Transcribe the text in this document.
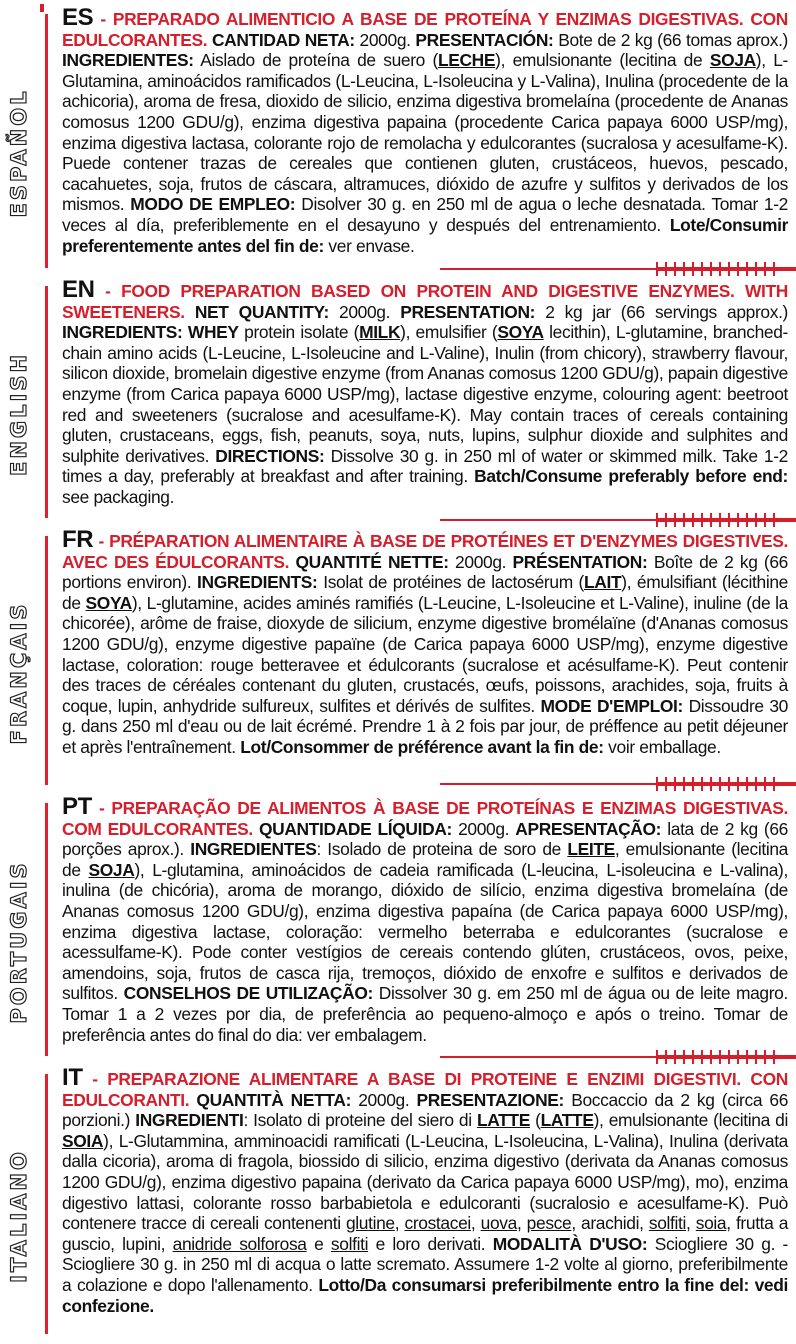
ESPAÑOL
ES - PREPARADO ALIMENTICIO A BASE DE PROTEÍNA Y ENZIMAS DIGESTIVAS. CON EDULCORANTES. CANTIDAD NETA: 2000g. PRESENTACIÓN: Bote de 2 kg (66 tomas aprox.) INGREDIENTES: Aislado de proteína de suero (LECHE), emulsionante (lecitina de SOJA), L-Glutamina, aminoácidos ramificados (L-Leucina, L-Isoleucina y L-Valina), Inulina (procedente de la achicoria), aroma de fresa, dioxido de silicio, enzima digestiva bromelaína (procedente de Ananas comosus 1200 GDU/g), enzima digestiva papaina (procedente Carica papaya 6000 USP/mg), enzima digestiva lactasa, colorante rojo de remolacha y edulcorantes (sucralosa y acesulfame-K). Puede contener trazas de cereales que contienen gluten, crustáceos, huevos, pescado, cacahuetes, soja, frutos de cáscara, altramuces, dióxido de azufre y sulfitos y derivados de los mismos. MODO DE EMPLEO: Disolver 30 g. en 250 ml de agua o leche desnatada. Tomar 1-2 veces al día, preferiblemente en el desayuno y después del entrenamiento. Lote/Consumir preferentemente antes del fin de: ver envase.
ENGLISH
EN - FOOD PREPARATION BASED ON PROTEIN AND DIGESTIVE ENZYMES. WITH SWEETENERS. NET QUANTITY: 2000g. PRESENTATION: 2 kg jar (66 servings approx.) INGREDIENTS: WHEY protein isolate (MILK), emulsifier (SOYA lecithin), L-glutamine, branched-chain amino acids (L-Leucine, L-Isoleucine and L-Valine), Inulin (from chicory), strawberry flavour, silicon dioxide, bromelain digestive enzyme (from Ananas comosus 1200 GDU/g), papain digestive enzyme (from Carica papaya 6000 USP/mg), lactase digestive enzyme, colouring agent: beetroot red and sweeteners (sucralose and acesulfame-K). May contain traces of cereals containing gluten, crustaceans, eggs, fish, peanuts, soya, nuts, lupins, sulphur dioxide and sulphites and sulphite derivatives. DIRECTIONS: Dissolve 30 g. in 250 ml of water or skimmed milk. Take 1-2 times a day, preferably at breakfast and after training. Batch/Consume preferably before end: see packaging.
FRANÇAIS
FR - PRÉPARATION ALIMENTAIRE À BASE DE PROTÉINES ET D'ENZYMES DIGESTIVES. AVEC DES ÉDULCORANTS. QUANTITÉ NETTE: 2000g. PRÉSENTATION: Boîte de 2 kg (66 portions environ). INGREDIENTS: Isolat de protéines de lactosérum (LAIT), émulsifiant (lécithine de SOYA), L-glutamine, acides aminés ramifiés (L-Leucine, L-Isoleucine et L-Valine), inuline (de la chicorée), arôme de fraise, dioxyde de silicium, enzyme digestive bromélaïne (d'Ananas comosus 1200 GDU/g), enzyme digestive papaïne (de Carica papaya 6000 USP/mg), enzyme digestive lactase, coloration: rouge betteravee et édulcorants (sucralose et acésulfame-K). Peut contenir des traces de céréales contenant du gluten, crustacés, œufs, poissons, arachides, soja, fruits à coque, lupin, anhydride sulfureux, sulfites et dérivés de sulfites. MODE D'EMPLOI: Dissoudre 30 g. dans 250 ml d'eau ou de lait écrémé. Prendre 1 à 2 fois par jour, de préffence au petit déjeuner et après l'entraînement. Lot/Consommer de préférence avant la fin de: voir emballage.
PORTUGAIS
PT - PREPARAÇÃO DE ALIMENTOS À BASE DE PROTEÍNAS E ENZIMAS DIGESTIVAS. COM EDULCORANTES. QUANTIDADE LÍQUIDA: 2000g. APRESENTAÇÃO: lata de 2 kg (66 porções aprox.). INGREDIENTES: Isolado de proteina de soro de LEITE, emulsionante (lecitina de SOJA), L-glutamina, aminoácidos de cadeia ramificada (L-leucina, L-isoleucina e L-valina), inulina (de chicória), aroma de morango, dióxido de silício, enzima digestiva bromelaína (de Ananas comosus 1200 GDU/g), enzima digestiva papaína (de Carica papaya 6000 USP/mg), enzima digestiva lactase, coloração: vermelho beterraba e edulcorantes (sucralose e acessulfame-K). Pode conter vestígios de cereais contendo glúten, crustáceos, ovos, peixe, amendoins, soja, frutos de casca rija, tremoços, dióxido de enxofre e sulfitos e derivados de sulfitos. CONSELHOS DE UTILIZAÇÃO: Dissolver 30 g. em 250 ml de água ou de leite magro. Tomar 1 a 2 vezes por dia, de preferência ao pequeno-almoço e após o treino. Tomar de preferência antes do final do dia: ver embalagem.
ITALIANO
IT - PREPARAZIONE ALIMENTARE A BASE DI PROTEINE E ENZIMI DIGESTIVI. CON EDULCORANTI. QUANTITÀ NETTA: 2000g. PRESENTAZIONE: Boccaccio da 2 kg (circa 66 porzioni.) INGREDIENTI: Isolato di proteine del siero di LATTE (LATTE), emulsionante (lecitina di SOIA), L-Glutammina, amminoacidi ramificati (L-Leucina, L-Isoleucina, L-Valina), Inulina (derivata dalla cicoria), aroma di fragola, biossido di silicio, enzima digestivo (derivata da Ananas comosus 1200 GDU/g), enzima digestivo papaina (derivato da Carica papaya 6000 USP/mg), mo), enzima digestivo lattasi, colorante rosso barbabietola e edulcoranti (sucralosio e acesulfame-K). Può contenere tracce di cereali contenenti glutine, crostacei, uova, pesce, arachidi, solfiti, soia, frutta a guscio, lupini, anidride solforosa e solfiti e loro derivati. MODALITÀ D'USO: Sciogliere 30 g. - Sciogliere 30 g. in 250 ml di acqua o latte scremato. Assumere 1-2 volte al giorno, preferibilmente a colazione e dopo l'allenamento. Lotto/Da consumarsi preferibilmente entro la fine del: vedi confezione.
